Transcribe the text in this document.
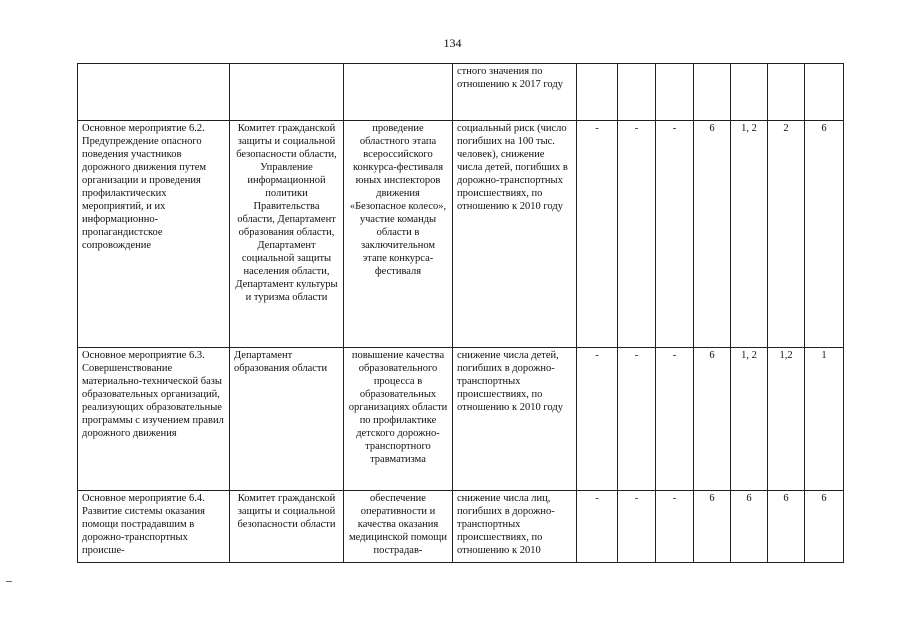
134
			стного значения по отношению к 2017 году							
Основное мероприятие 6.2. Предупреждение опасного поведения участников дорожного движения путем организации и проведения профилактических мероприятий, и их информационно-пропагандистское сопровождение	Комитет гражданской защиты и социальной безопасности области, Управление информационной политики Правительства области, Департамент образования области, Департамент социальной защиты населения области, Департамент культуры и туризма области	проведение областного этапа всероссийского конкурса-фестиваля юных инспекторов движения «Безопасное колесо», участие команды области в заключительном этапе конкурса-фестиваля	социальный риск (число погибших на 100 тыс. человек), снижение числа детей, погибших в дорожно-транспортных происшествиях, по отношению к 2010 году	-	-	-	6	1, 2	2	6
Основное мероприятие 6.3. Совершенствование материально-технической базы образовательных организаций, реализующих образовательные программы с изучением правил дорожного движения	Департамент образования области	повышение качества образовательного процесса в образовательных организациях области по профилактике детского дорожно-транспортного травматизма	снижение числа детей, погибших в дорожно-транспортных происшествиях, по отношению к 2010 году	-	-	-	6	1, 2	1,2	1
Основное мероприятие 6.4. Развитие системы оказания помощи пострадавшим в дорожно-транспортных происше-	Комитет гражданской защиты и социальной безопасности области	обеспечение оперативности и качества оказания медицинской помощи пострадав-	снижение числа лиц, погибших в дорожно-транспортных происшествиях, по отношению к 2010	-	-	-	6	6	6	6
